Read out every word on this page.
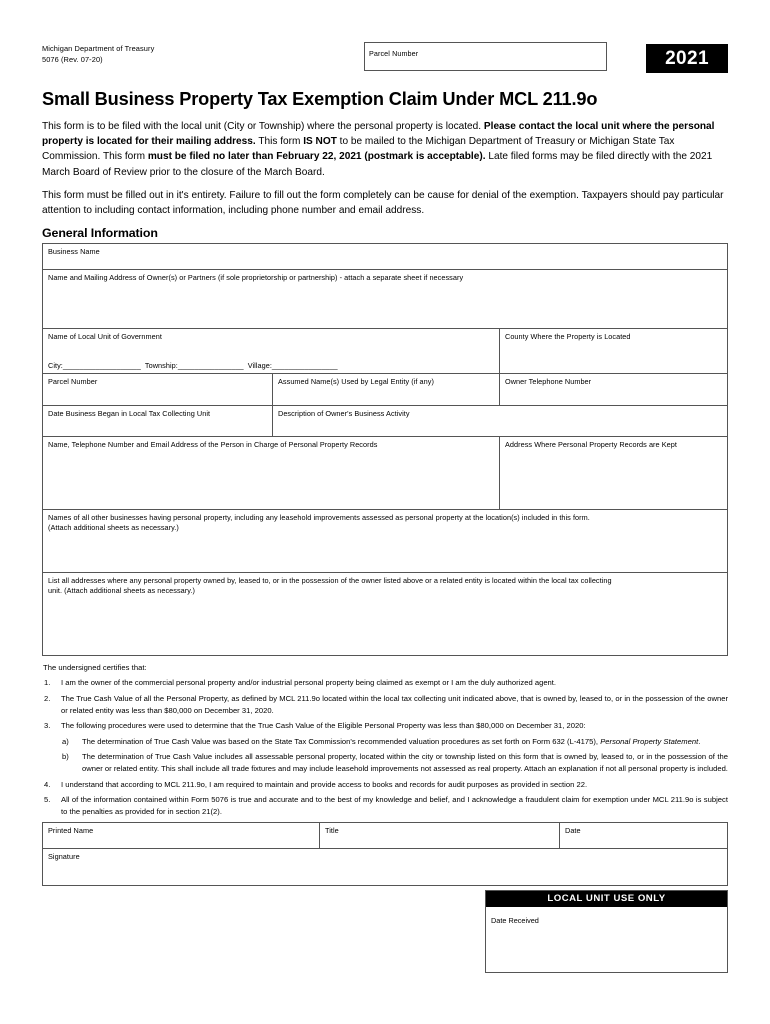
Michigan Department of Treasury
5076 (Rev. 07-20)
Parcel Number	2021
Small Business Property Tax Exemption Claim Under MCL 211.9o

This form is to be filed with the local unit (City or Township) where the personal property is located. Please contact the local unit where the personal property is located for their mailing address. This form IS NOT to be mailed to the Michigan Department of Treasury or Michigan State Tax Commission. This form must be filed no later than February 22, 2021 (postmark is acceptable). Late filed forms may be filed directly with the 2021 March Board of Review prior to the closure of the March Board.

This form must be filled out in it's entirety. Failure to fill out the form completely can be cause for denial of the exemption. Taxpayers should pay particular attention to including contact information, including phone number and email address.

General Information
Business Name
Name and Mailing Address of Owner(s) or Partners (if sole proprietorship or partnership) - attach a separate sheet if necessary
Name of Local Unit of Government
City:___________________  Township:________________  Village:________________
County Where the Property is Located
Parcel Number	Assumed Name(s) Used by Legal Entity (if any)	Owner Telephone Number
Date Business Began in Local Tax Collecting Unit	Description of Owner's Business Activity
Name, Telephone Number and Email Address of the Person in Charge of Personal Property Records	Address Where Personal Property Records are Kept
Names of all other businesses having personal property, including any leasehold improvements assessed as personal property at the location(s) included in this form.
(Attach additional sheets as necessary.)
List all addresses where any personal property owned by, leased to, or in the possession of the owner listed above or a related entity is located within the local tax collecting
unit. (Attach additional sheets as necessary.)
The undersigned certifies that:
1.	I am the owner of the commercial personal property and/or industrial personal property being claimed as exempt or I am the duly authorized agent.
2.	The True Cash Value of all the Personal Property, as defined by MCL 211.9o located within the local tax collecting unit indicated above, that is owned by, leased to, or in the possession of the owner or related entity was less than $80,000 on December 31, 2020.
3.	The following procedures were used to determine that the True Cash Value of the Eligible Personal Property was less than $80,000 on December 31, 2020:
a)	The determination of True Cash Value was based on the State Tax Commission's recommended valuation procedures as set forth on Form 632 (L-4175), Personal Property Statement.
b)	The determination of True Cash Value includes all assessable personal property, located within the city or township listed on this form that is owned by, leased to, or in the possession of the owner or related entity. This shall include all trade fixtures and may include leasehold improvements not assessed as real property. Attach an explanation if not all personal property is included.
4.	I understand that according to MCL 211.9o, I am required to maintain and provide access to books and records for audit purposes as provided in section 22.
5.	All of the information contained within Form 5076 is true and accurate and to the best of my knowledge and belief, and I acknowledge a fraudulent claim for exemption under MCL 211.9o is subject to the penalties as provided for in section 21(2).
Printed Name	Title	Date
Signature
LOCAL UNIT USE ONLY
Date Received
